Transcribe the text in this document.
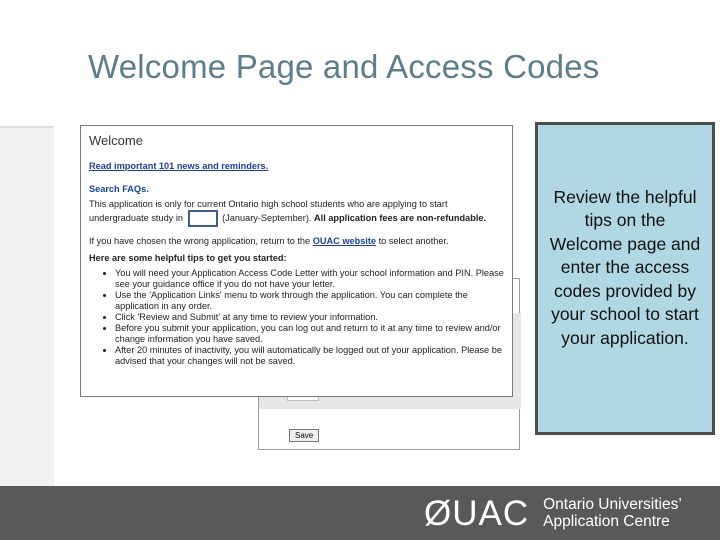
Welcome Page and Access Codes
Save
Welcome
Read important 101 news and reminders.
Search FAQs.
This application is only for current Ontario high school students who are applying to start undergraduate study in	(January-September). All application fees are non-refundable.
If you have chosen the wrong application, return to the OUAC website to select another.
Here are some helpful tips to get you started:
• You will need your Application Access Code Letter with your school information and PIN. Please see your guidance office if you do not have your letter.
• Use the 'Application Links' menu to work through the application. You can complete the application in any order.
• Click 'Review and Submit' at any time to review your information.
• Before you submit your application, you can log out and return to it at any time to review and/or change information you have saved.
• After 20 minutes of inactivity, you will automatically be logged out of your application. Please be advised that your changes will not be saved.
Review the helpful tips on the Welcome page and enter the access codes provided by your school to start your application.
ØUAC Ontario Universities’
Application Centre
